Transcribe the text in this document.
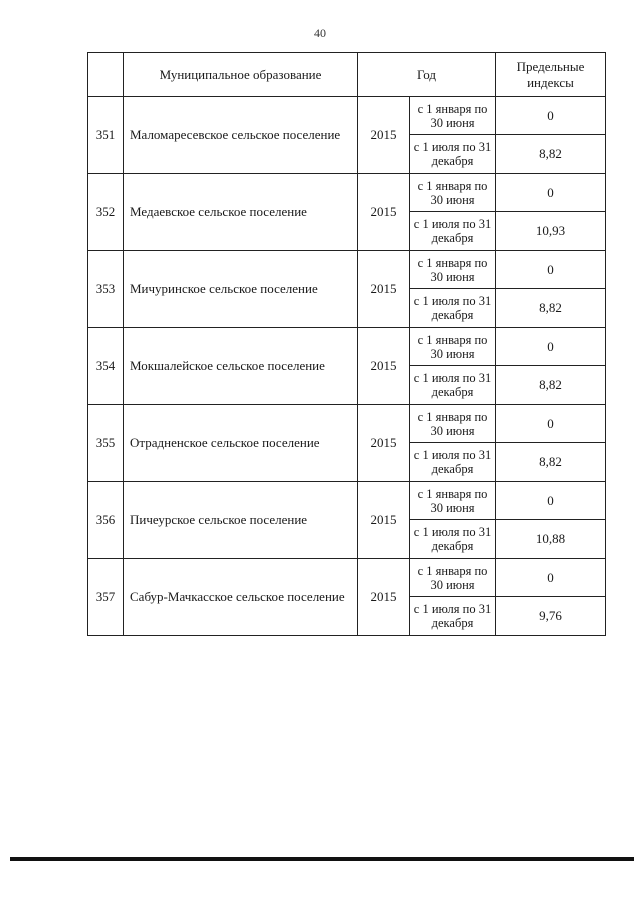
40
	Муниципальное образование	Год		Предельные индексы
351	Маломаресевское сельское поселение	2015	с 1 января по 30 июня	0
			с 1 июля по 31 декабря	8,82
352	Медаевское сельское поселение	2015	с 1 января по 30 июня	0
			с 1 июля по 31 декабря	10,93
353	Мичуринское сельское поселение	2015	с 1 января по 30 июня	0
			с 1 июля по 31 декабря	8,82
354	Мокшалейское сельское поселение	2015	с 1 января по 30 июня	0
			с 1 июля по 31 декабря	8,82
355	Отрадненское сельское поселение	2015	с 1 января по 30 июня	0
			с 1 июля по 31 декабря	8,82
356	Пичеурское сельское поселение	2015	с 1 января по 30 июня	0
			с 1 июля по 31 декабря	10,88
357	Сабур-Мачкасское сельское поселение	2015	с 1 января по 30 июня	0
			с 1 июля по 31 декабря	9,76
